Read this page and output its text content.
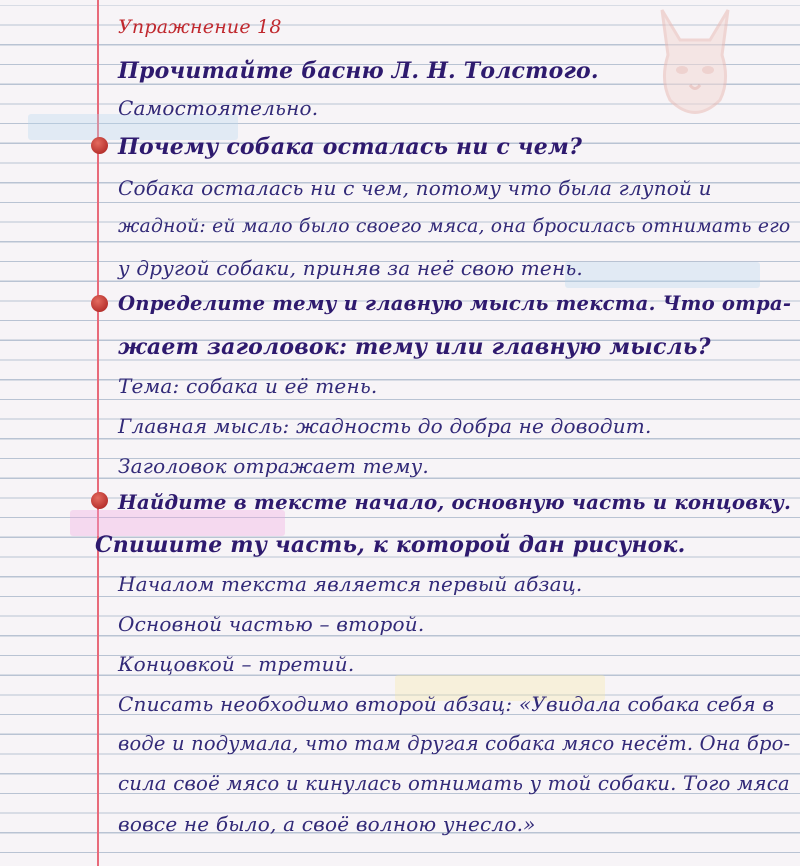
Упражнение 18
Прочитайте басню Л. Н. Толстого.
Самостоятельно.
Почему собака осталась ни с чем?
Собака осталась ни с чем, потому что была глупой и
жадной: ей мало было своего мяса, она бросилась отнимать его
у другой собаки, приняв за неё свою тень.
Определите тему и главную мысль текста. Что отра-
жает заголовок: тему или главную мысль?
Тема: собака и её тень.
Главная мысль: жадность до добра не доводит.
Заголовок отражает тему.
Найдите в тексте начало, основную часть и концовку.
Спишите ту часть, к которой дан рисунок.
Началом текста является первый абзац.
Основной частью – второй.
Концовкой – третий.
Списать необходимо второй абзац: «Увидала собака себя в
воде и подумала, что там другая собака мясо несёт. Она бро-
сила своё мясо и кинулась отнимать у той собаки. Того мяса
вовсе не было, а своё волною унесло.»
